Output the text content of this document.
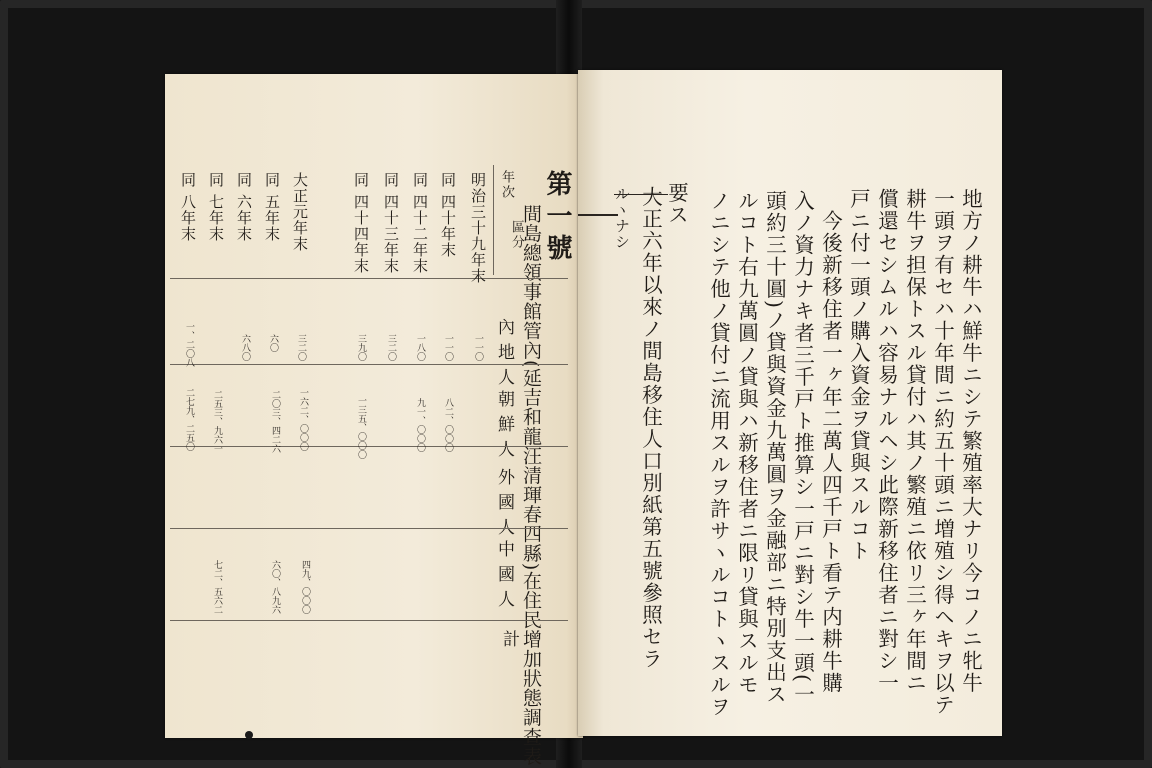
第一號
間島總領事館管內(延吉和龍汪清琿春四縣)在住民增加狀態調查表
年次
區分
內地人
朝鮮人
外國人
中國人
計
明治三十九年末
同 四十年末
同 四十二年末
同 四十三年末
同 四十四年末
大正元年末
同 五年末
同 六年末
同 七年末
同 八年末
一一〇
一一〇
一八〇
三二〇
三九〇
三二〇
六〇
六八〇
一、二〇八
八二、〇〇〇
九一、〇〇〇
一三五、〇〇〇
一六二、〇〇〇
二〇三、四二六
二五三、九六一
二七九、二五〇
四九、〇〇〇
六〇、八九六
七二、五六二	地方ノ耕牛ハ鮮牛ニシテ繁殖率大ナリ今コノニ牝牛
一頭ヲ有セハ十年間ニ約五十頭ニ増殖シ得ヘキヲ以テ
耕牛ヲ担保トスル貸付ハ其ノ繁殖ニ依リ三ヶ年間ニ
償還セシムルハ容易ナルヘシ此際新移住者ニ對シ一
戸ニ付一頭ノ購入資金ヲ貸與スルコト
今後新移住者一ヶ年二萬人四千戸ト看テ内耕牛購
入ノ資力ナキ者三千戸ト推算シ一戸ニ對シ牛一頭(一
頭約三十圓)ノ貸與資金九萬圓ヲ金融部ニ特別支出ス
ルコト右九萬圓ノ貸與ハ新移住者ニ限リ貸與スルモ
ノニシテ他ノ貸付ニ流用スルヲ許サヽルコトヽスルヲ
要ス
大正六年以來ノ間島移住人口別紙第五號參照セラ
ルヽナシ
